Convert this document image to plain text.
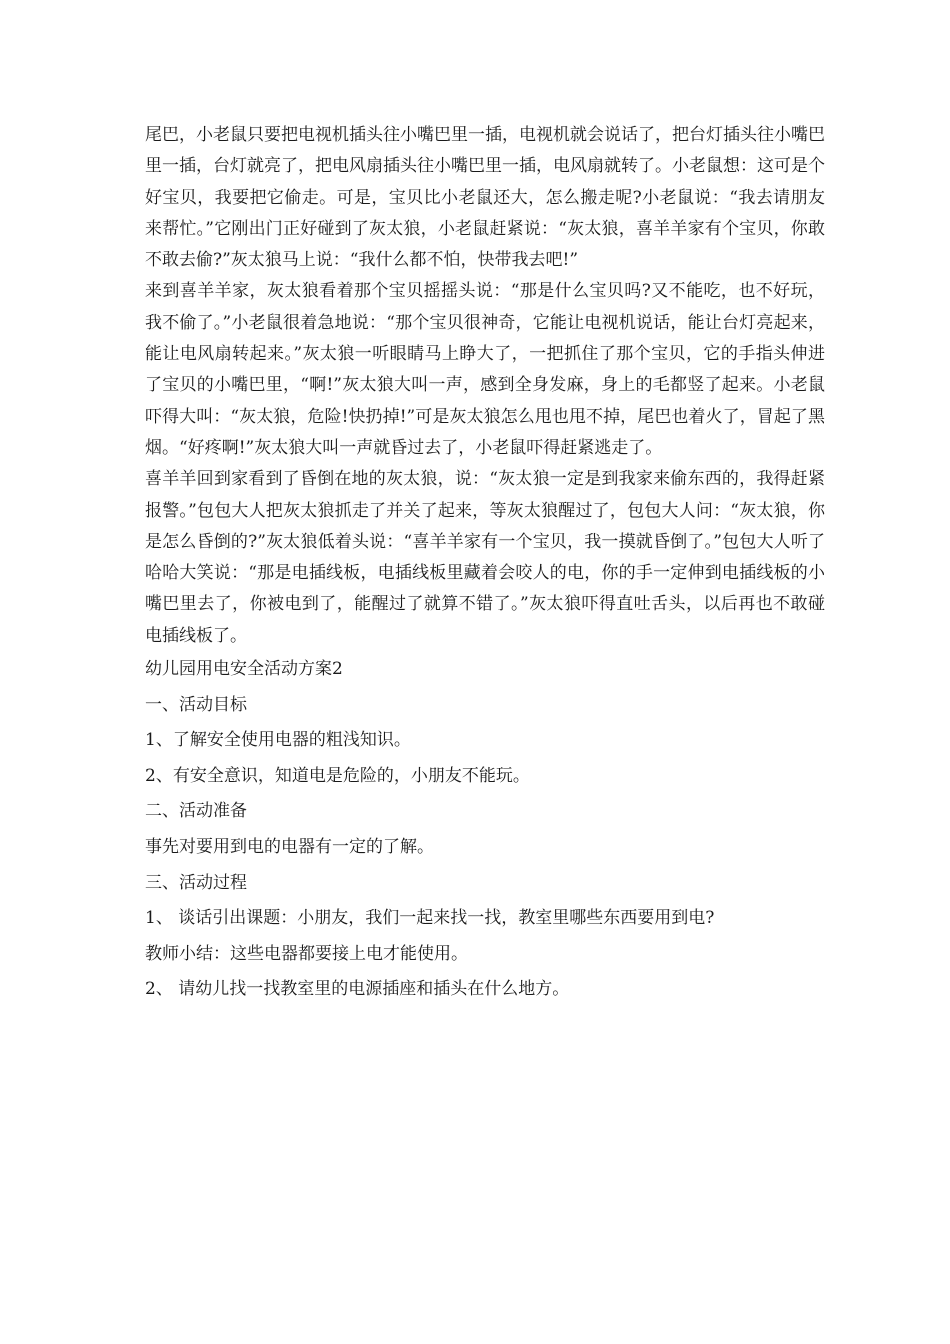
尾巴，小老鼠只要把电视机插头往小嘴巴里一插，电视机就会说话了，把台灯插头往小嘴巴里一插，台灯就亮了，把电风扇插头往小嘴巴里一插，电风扇就转了。小老鼠想：这可是个好宝贝，我要把它偷走。可是，宝贝比小老鼠还大，怎么搬走呢?小老鼠说：“我去请朋友来帮忙。”它刚出门正好碰到了灰太狼，小老鼠赶紧说：“灰太狼，喜羊羊家有个宝贝，你敢不敢去偷?”灰太狼马上说：“我什么都不怕，快带我去吧!”

来到喜羊羊家，灰太狼看着那个宝贝摇摇头说：“那是什么宝贝吗?又不能吃，也不好玩，我不偷了。”小老鼠很着急地说：“那个宝贝很神奇，它能让电视机说话，能让台灯亮起来，能让电风扇转起来。”灰太狼一听眼睛马上睁大了，一把抓住了那个宝贝，它的手指头伸进了宝贝的小嘴巴里，“啊!”灰太狼大叫一声，感到全身发麻，身上的毛都竖了起来。小老鼠吓得大叫：“灰太狼，危险!快扔掉!”可是灰太狼怎么甩也甩不掉，尾巴也着火了，冒起了黑烟。“好疼啊!”灰太狼大叫一声就昏过去了，小老鼠吓得赶紧逃走了。

喜羊羊回到家看到了昏倒在地的灰太狼，说：“灰太狼一定是到我家来偷东西的，我得赶紧报警。”包包大人把灰太狼抓走了并关了起来，等灰太狼醒过了，包包大人问：“灰太狼，你是怎么昏倒的?”灰太狼低着头说：“喜羊羊家有一个宝贝，我一摸就昏倒了。”包包大人听了哈哈大笑说：“那是电插线板，电插线板里藏着会咬人的电，你的手一定伸到电插线板的小嘴巴里去了，你被电到了，能醒过了就算不错了。”灰太狼吓得直吐舌头，以后再也不敢碰电插线板了。

幼儿园用电安全活动方案2

一、活动目标

1、了解安全使用电器的粗浅知识。

2、有安全意识，知道电是危险的，小朋友不能玩。

二、活动准备

事先对要用到电的电器有一定的了解。

三、活动过程

1、 谈话引出课题：小朋友，我们一起来找一找，教室里哪些东西要用到电?

教师小结：这些电器都要接上电才能使用。

2、 请幼儿找一找教室里的电源插座和插头在什么地方。
